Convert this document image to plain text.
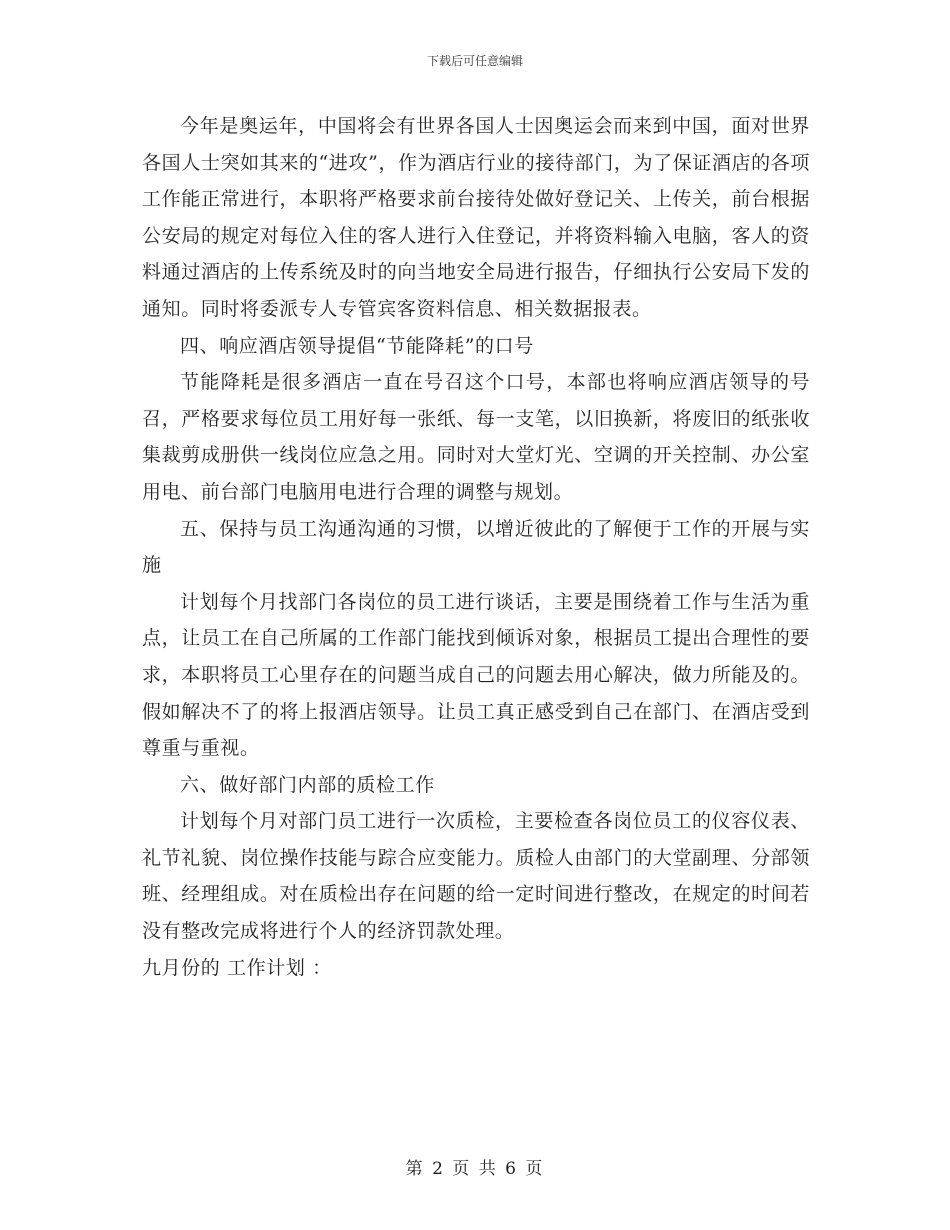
下载后可任意编辑

今年是奥运年，中国将会有世界各国人士因奥运会而来到中国，面对世界各国人士突如其来的“进攻”，作为酒店行业的接待部门，为了保证酒店的各项工作能正常进行，本职将严格要求前台接待处做好登记关、上传关，前台根据公安局的规定对每位入住的客人进行入住登记，并将资料输入电脑，客人的资料通过酒店的上传系统及时的向当地安全局进行报告，仔细执行公安局下发的通知。同时将委派专人专管宾客资料信息、相关数据报表。

四、响应酒店领导提倡“节能降耗”的口号

节能降耗是很多酒店一直在号召这个口号，本部也将响应酒店领导的号召，严格要求每位员工用好每一张纸、每一支笔，以旧换新，将废旧的纸张收集裁剪成册供一线岗位应急之用。同时对大堂灯光、空调的开关控制、办公室用电、前台部门电脑用电进行合理的调整与规划。

五、保持与员工沟通沟通的习惯，以增近彼此的了解便于工作的开展与实施

计划每个月找部门各岗位的员工进行谈话，主要是围绕着工作与生活为重点，让员工在自己所属的工作部门能找到倾诉对象，根据员工提出合理性的要求，本职将员工心里存在的问题当成自己的问题去用心解决，做力所能及的。假如解决不了的将上报酒店领导。让员工真正感受到自己在部门、在酒店受到尊重与重视。

六、做好部门内部的质检工作

计划每个月对部门员工进行一次质检，主要检查各岗位员工的仪容仪表、礼节礼貌、岗位操作技能与踪合应变能力。质检人由部门的大堂副理、分部领班、经理组成。对在质检出存在问题的给一定时间进行整改，在规定的时间若没有整改完成将进行个人的经济罚款处理。

九月份的 工作计划 ：

第 2 页 共 6 页
